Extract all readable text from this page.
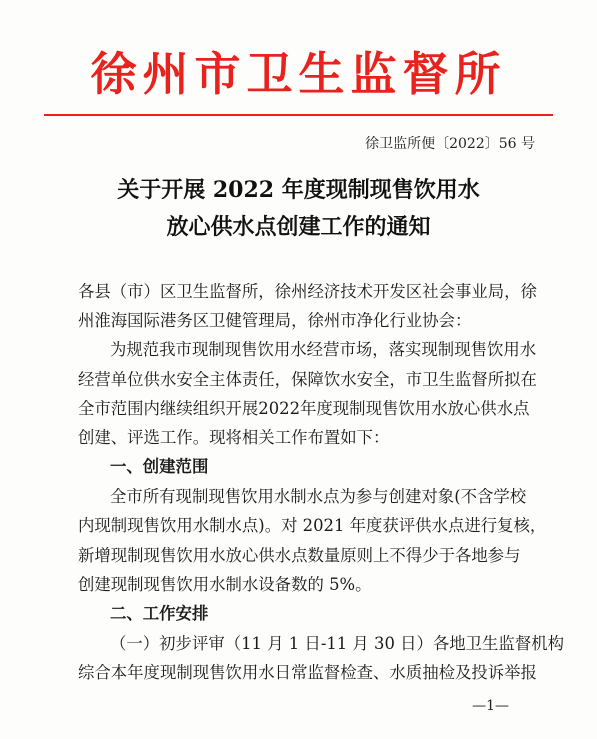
徐州市卫生监督所
徐卫监所便〔2022〕56 号
关于开展 2022 年度现制现售饮用水
放心供水点创建工作的通知
各县（市）区卫生监督所，徐州经济技术开发区社会事业局，徐
州淮海国际港务区卫健管理局，徐州市净化行业协会：
为规范我市现制现售饮用水经营市场，落实现制现售饮用水
经营单位供水安全主体责任，保障饮水安全，市卫生监督所拟在
全市范围内继续组织开展2022年度现制现售饮用水放心供水点
创建、评选工作。现将相关工作布置如下：
一、创建范围
全市所有现制现售饮用水制水点为参与创建对象(不含学校
内现制现售饮用水制水点)。对 2021 年度获评供水点进行复核，
新增现制现售饮用水放心供水点数量原则上不得少于各地参与
创建现制现售饮用水制水设备数的 5%。
二、工作安排
（一）初步评审（11 月 1 日-11 月 30 日）各地卫生监督机构
综合本年度现制现售饮用水日常监督检查、水质抽检及投诉举报
—1—
